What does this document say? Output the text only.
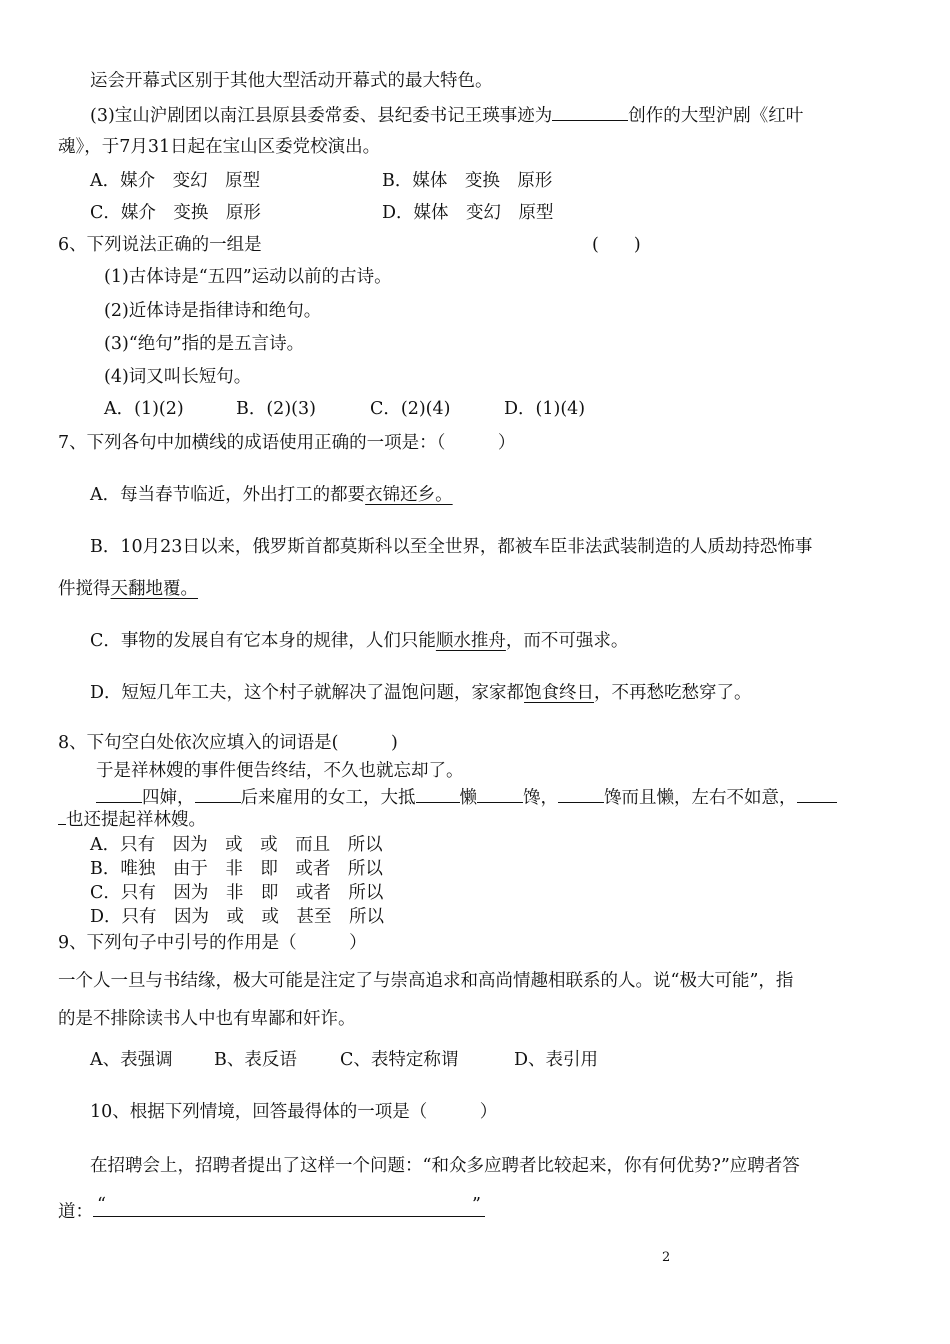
运会开幕式区别于其他大型活动开幕式的最大特色。
(3)宝山沪剧团以南江县原县委常委、县纪委书记王瑛事迹为	创作的大型沪剧《红叶
魂》，于7月31日起在宝山区委党校演出。
A．媒介　变幻　原型	B．媒体　变换　原形
C．媒介　变换　原形	D．媒体　变幻　原型
6、下列说法正确的一组是	(　　)
(1)古体诗是“五四”运动以前的古诗。
(2)近体诗是指律诗和绝句。
(3)“绝句”指的是五言诗。
(4)词又叫长短句。
A．(1)(2)	B．(2)(3)	C．(2)(4)	D．(1)(4)
7、下列各句中加横线的成语使用正确的一项是：（　　　）
A．每当春节临近，外出打工的都要衣锦还乡。
B．10月23日以来，俄罗斯首都莫斯科以至全世界，都被车臣非法武装制造的人质劫持恐怖事
件搅得天翻地覆。
C．事物的发展自有它本身的规律，人们只能顺水推舟，而不可强求。
D．短短几年工夫，这个村子就解决了温饱问题，家家都饱食终日，不再愁吃愁穿了。
8、下句空白处依次应填入的词语是(　　　)
于是祥林嫂的事件便告终结，不久也就忘却了。
四婶，	后来雇用的女工，大抵	懒	馋，	馋而且懒，左右不如意，
也还提起祥林嫂。
A．只有　因为　或　或　而且　所以
B．唯独　由于　非　即　或者　所以
C．只有　因为　非　即　或者　所以
D．只有　因为　或　或　甚至　所以
9、下列句子中引号的作用是（　　　）
一个人一旦与书结缘，极大可能是注定了与崇高追求和高尚情趣相联系的人。说“极大可能”，指
的是不排除读书人中也有卑鄙和奸诈。
A、表强调 B、表反语 C、表特定称谓	D、表引用
10、根据下列情境，回答最得体的一项是（　　　）
在招聘会上，招聘者提出了这样一个问题：“和众多应聘者比较起来，你有何优势?”应聘者答
道： “	”
2
